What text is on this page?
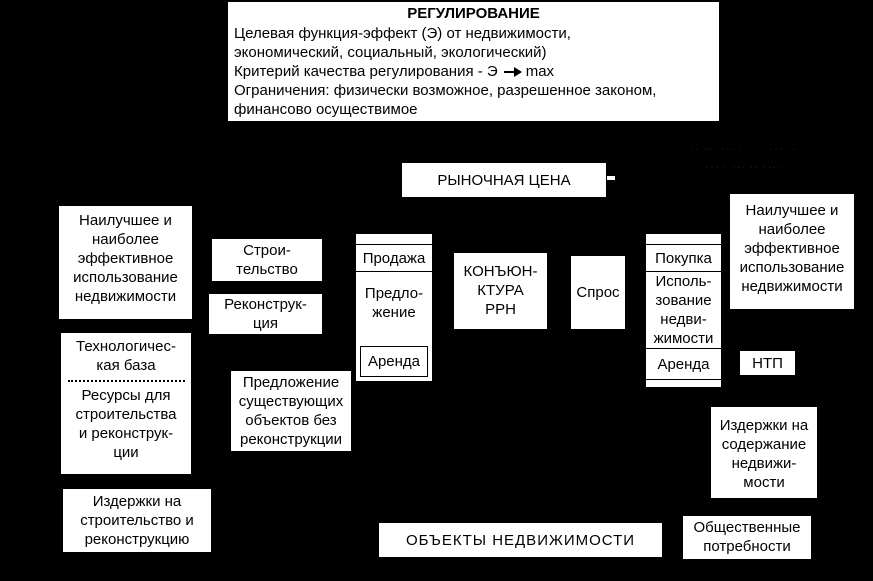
РЕГУЛИРОВАНИЕ
Целевая функция-эффект (Э) от недвижимости,
экономический, социальный, экологический)
Критерий качества регулирования - Э max
Ограничения: физически возможное, разрешенное законом,
финансово осуществимое
·· ··· ··· · ·· · ··· ··
··· · ··· ·· ····
РЫНОЧНАЯ ЦЕНА
Наилучшее и
наиболее
эффективное
использование
недвижимости
Строи-
тельство
Реконструк-
ция
Продажа
Предло-
жение
Аренда
КОНЪЮН-
КТУРА
РРН
Спрос
Покупка
Исполь-
зование
недви-
жимости
Аренда
Наилучшее и
наиболее
эффективное
использование
недвижимости
Технологичес-
кая база
Ресурсы для
строительства
и реконструк-
ции
Предложение
существующих
объектов без
реконструкции
НТП
Издержки на
содержание
недвижи-
мости
Издержки на
строительство и
реконструкцию	ОБЪЕКТЫ НЕДВИЖИМОСТИ
Общественные
потребности
